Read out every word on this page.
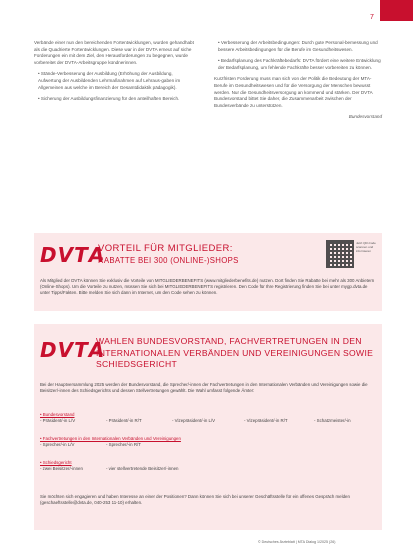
7

Verbände einer nun den bereichenden Fortentwicklungen, wurden gehandhabt als die Quadrierte Fortentwicklungen. Diese war in der DVTA erneut auf siche Forderungen ein mit dem Ziel, den Herausforderungen zu begegnen, wurde vorbereitet der DVTA-Arbeitsgruppe kündnerinnen.

• Stände-Verbesserung der Ausbildung (Erhöhung der Ausbildung, Aufwertung der Ausbildenden Lehrmaßnahmen auf Lehraus-gaben im Allgemeinen aus welche im Bereich der Gesamtdidaktik pädagogik).

• Sicherung der Ausbildungsfinanzierung für den anteilhaften Bereich.

• Verbesserung der Arbeitsbedingungen: Durch gute Personal-bemessung und bessere Arbeitsbedingungen für die Berufe im Gesundheitswesen.

• Bedarfsplanung des Fachkräftebedarfs: DVTA fördert eine weitere Entwicklung der Bedarfsplanung, um fehlende Fachkräfte besser vorbereiten zu können.

Kurzfristen Forderung muss man sich von der Politik die Bedeutung der MTA-Berufe im Gesundheitswesen und für die Versorgung der Menschen bewusst werden. Nur die Gesundheitsversorgung an kommend und stärken. Der DVTA Bundesvorstand bittet Sie daher, die Zusammenarbeit zwischen der Bundesverbände zu unterstützen.

Bundesvorstand

D V T A
VORTEIL FÜR MITGLIEDER:
RABATTE BEI 300 (ONLINE-)SHOPS
Jetzt QR-Code scannen und informieren
Als Mitglied der DVTA können Sie exklusiv die Vorteile von MITGLIEDERBENEFITS (www.mitgliederbenefits.de) nutzen. Dort finden Sie Rabatte bei mehr als 300 Anbietern (Online-Shops). Um die Vorteile zu nutzen, müssen Sie sich bei MITGLIEDERBENEFITS registrieren. Den Code für Ihre Registrierung finden Sie bei unter mygp.dvta.de unter Tipps/Fakten. Bitte melden Sie sich dann im Internet, um den Code sehen zu können.
D V T A
WAHLEN BUNDESVORSTAND, FACHVERTRETUNGEN IN DEN INTERNATIONALEN VERBÄNDEN UND VEREINIGUNGEN SOWIE SCHIEDSGERICHT
Bei der Hauptversammlung 2025 werden der Bundesvorstand, die Sprecher/-innen der Fachvertretungen in den Internationalen Verbänden und Vereinigungen sowie die Beisitzer/-innen des Schiedsgerichts und dessen Stellvertretungen gewählt. Die Wahl umfasst folgende Ämter:
• Bundesvorstand
- Präsident/-in L/V	- Präsident/-in R/T	- Vizepräsident/-in L/V	- Vizepräsident/-in R/T	- Schatzmeister/-in
• Fachvertretungen in den Internationalen Verbänden und Vereinigungen
- Sprecher/-in L/V	- Sprecher/-in R/T
• Schiedsgericht
- zwei Beisitzer/-innen	- vier stellvertretende Beisitzer/-innen
Sie möchten sich engagieren und haben Interesse an einer der Positionen? Dann können Sie sich bei unserer Geschäftsstelle für ein offenes Gespräch melden (geschaeftsstelle@dvta.de, 040-253 11-10) erhalten.
© Deutsches Ärzteblatt | MTA Dialog 1/2025 (26)
